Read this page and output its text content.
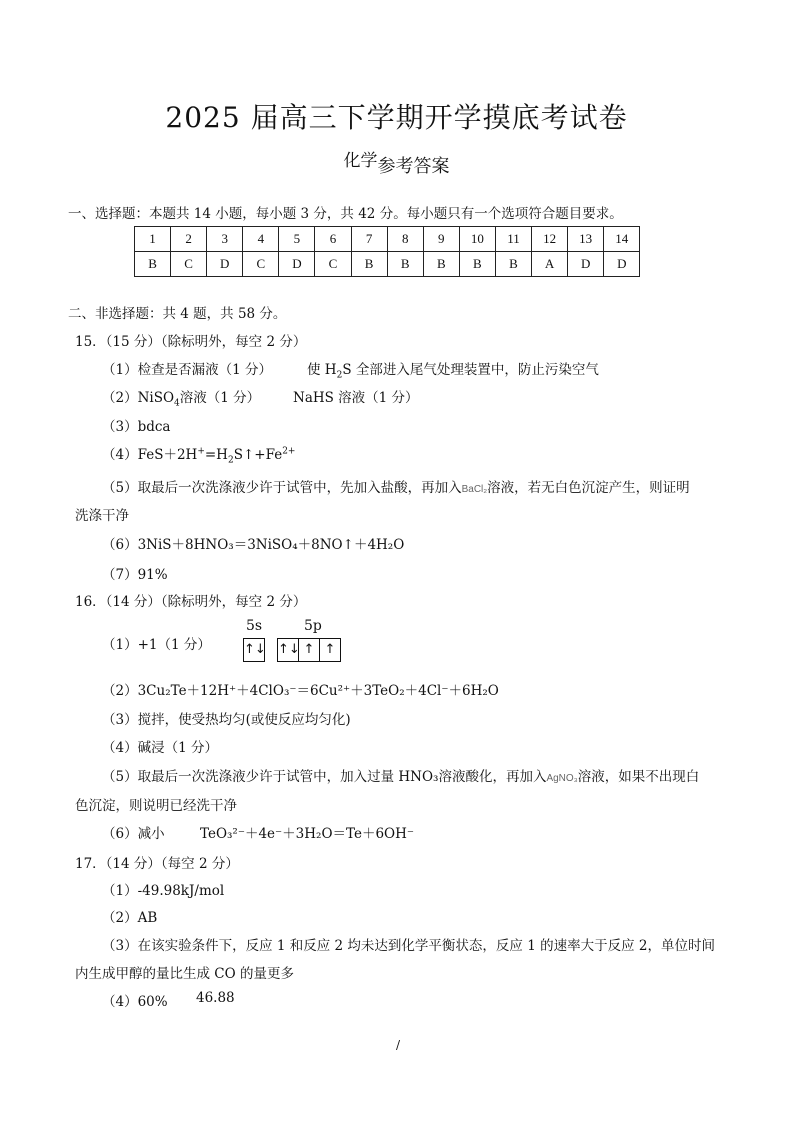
2025 届高三下学期开学摸底考试卷
化学参考答案
一、选择题：本题共 14 小题，每小题 3 分，共 42 分。每小题只有一个选项符合题目要求。
1	2	3	4	5	6	7	8	9	10	11	12	13	14
B	C	D	C	D	C	B	B	B	B	B	A	D	D
二、非选择题：共 4 题，共 58 分。
15．（15 分）（除标明外，每空 2 分）
（1）检查是否漏液（1 分）	使 $H_2S$ 全部进入尾气处理装置中，防止污染空气
（2）NiSO$_4$溶液（1 分） NaHS 溶液（1 分）
（3）bdca
$(4)FeS+2H^+=H_2S↑+Fe^{2+}$
（5）取最后一次洗涤液少许于试管中，先加入盐酸，再加入BaCl₂溶液，若无白色沉淀产生，则证明
洗涤干净
（6）3NiS＋8HNO₃＝3NiSO₄＋8NO↑＋4H₂O
（7）91%
16．（14 分）（除标明外，每空 2 分）
（1）+1（1 分）
5s	5p
↑↓ ↑↓ ↑ ↑
（2）3Cu₂Te＋12H⁺＋4ClO₃⁻＝6Cu²⁺＋3TeO₂＋4Cl⁻＋6H₂O
（3）搅拌，使受热均匀(或使反应均匀化)
（4）碱浸（1 分）
（5）取最后一次洗涤液少许于试管中，加入过量 HNO₃溶液酸化，再加入AgNO₃溶液，如果不出现白
色沉淀，则说明已经洗干净
（6）减小	TeO₃²⁻＋4e⁻＋3H₂O＝Te＋6OH⁻
17．（14 分）（每空 2 分）
（1）-49.98kJ/mol
（2）AB
（3）在该实验条件下，反应 1 和反应 2 均未达到化学平衡状态，反应 1 的速率大于反应 2，单位时间
内生成甲醇的量比生成 CO 的量更多
（4）60% 46.88
/
